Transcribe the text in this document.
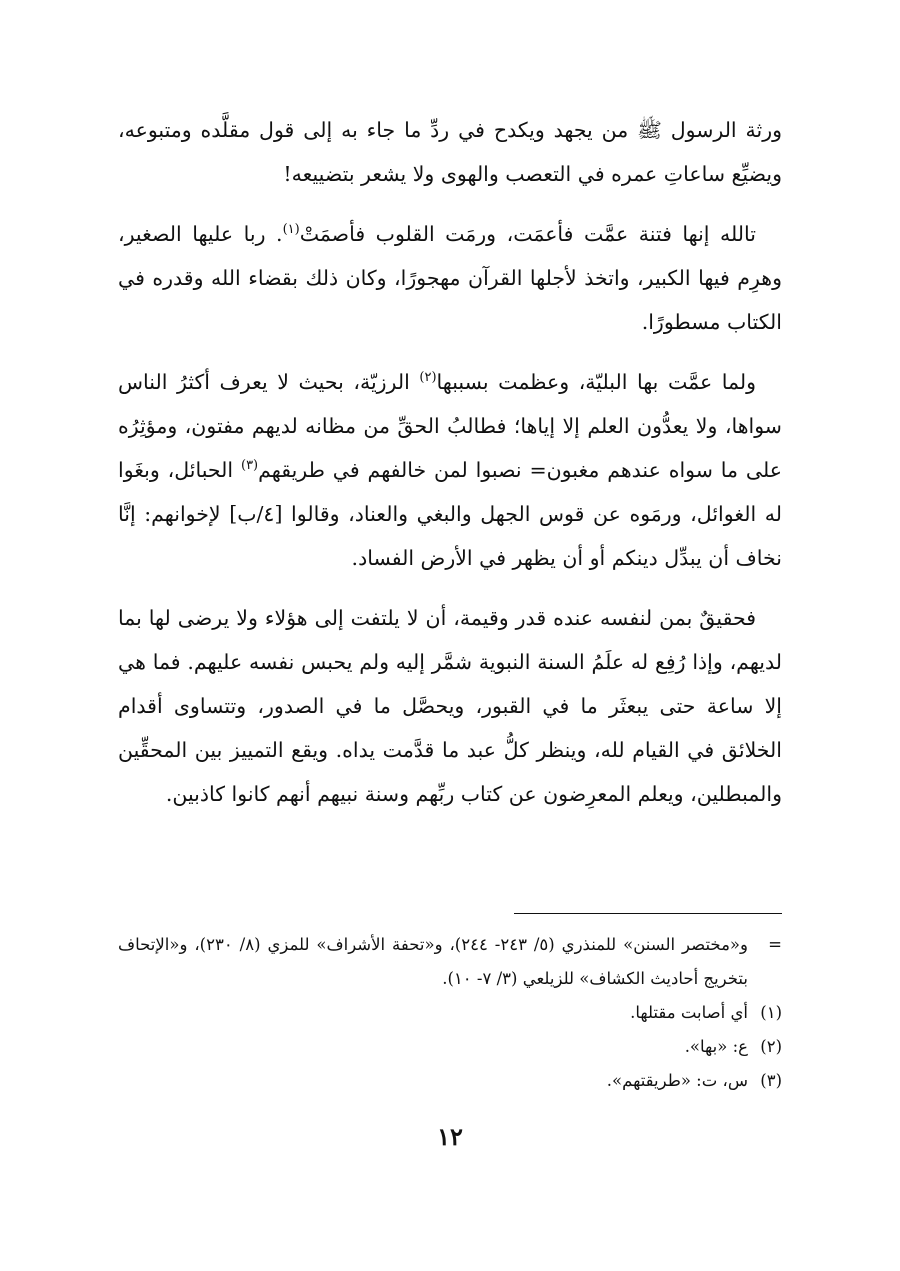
ورثة الرسول ﷺ من يجهد ويكدح في ردِّ ما جاء به إلى قول مقلَّده ومتبوعه، ويضيِّع ساعاتِ عمره في التعصب والهوى ولا يشعر بتضييعه!

تالله إنها فتنة عمَّت فأعمَت، ورمَت القلوب فأصمَتْ$^{(١)}$. ربا عليها الصغير، وهرِم فيها الكبير، واتخذ لأجلها القرآن مهجورًا، وكان ذلك بقضاء الله وقدره في الكتاب مسطورًا.

ولما عمَّت بها البليّة، وعظمت بسببها$^{(٢)}$ الرزيّة، بحيث لا يعرف أكثرُ الناس سواها، ولا يعدُّون العلم إلا إياها؛ فطالبُ الحقِّ من مظانه لديهم مفتون، ومؤثِرُه على ما سواه عندهم مغبون= نصبوا لمن خالفهم في طريقهم$^{(٣)}$ الحبائل، وبغَوا له الغوائل، ورمَوه عن قوس الجهل والبغي والعناد، وقالوا [٤/ب] لإخوانهم: إنَّا نخاف أن يبدِّل دينكم أو أن يظهر في الأرض الفساد.

فحقيقٌ بمن لنفسه عنده قدر وقيمة، أن لا يلتفت إلى هؤلاء ولا يرضى لها بما لديهم، وإذا رُفِع له علَمُ السنة النبوية شمَّر إليه ولم يحبس نفسه عليهم. فما هي إلا ساعة حتى يبعثَر ما في القبور، ويحصَّل ما في الصدور، وتتساوى أقدام الخلائق في القيام لله، وينظر كلُّ عبد ما قدَّمت يداه. ويقع التمييز بين المحقِّين والمبطلين، ويعلم المعرِضون عن كتاب ربِّهم وسنة نبيهم أنهم كانوا كاذبين.

=
و«مختصر السنن» للمنذري (٥/ ٢٤٣- ٢٤٤)، و«تحفة الأشراف» للمزي (٨/ ٢٣٠)، و«الإتحاف بتخريج أحاديث الكشاف» للزيلعي (٣/ ٧- ١٠).
(١)
أي أصابت مقتلها.
(٢)
ع: «بها».
(٣)
س، ت: «طريقتهم».
١٢
